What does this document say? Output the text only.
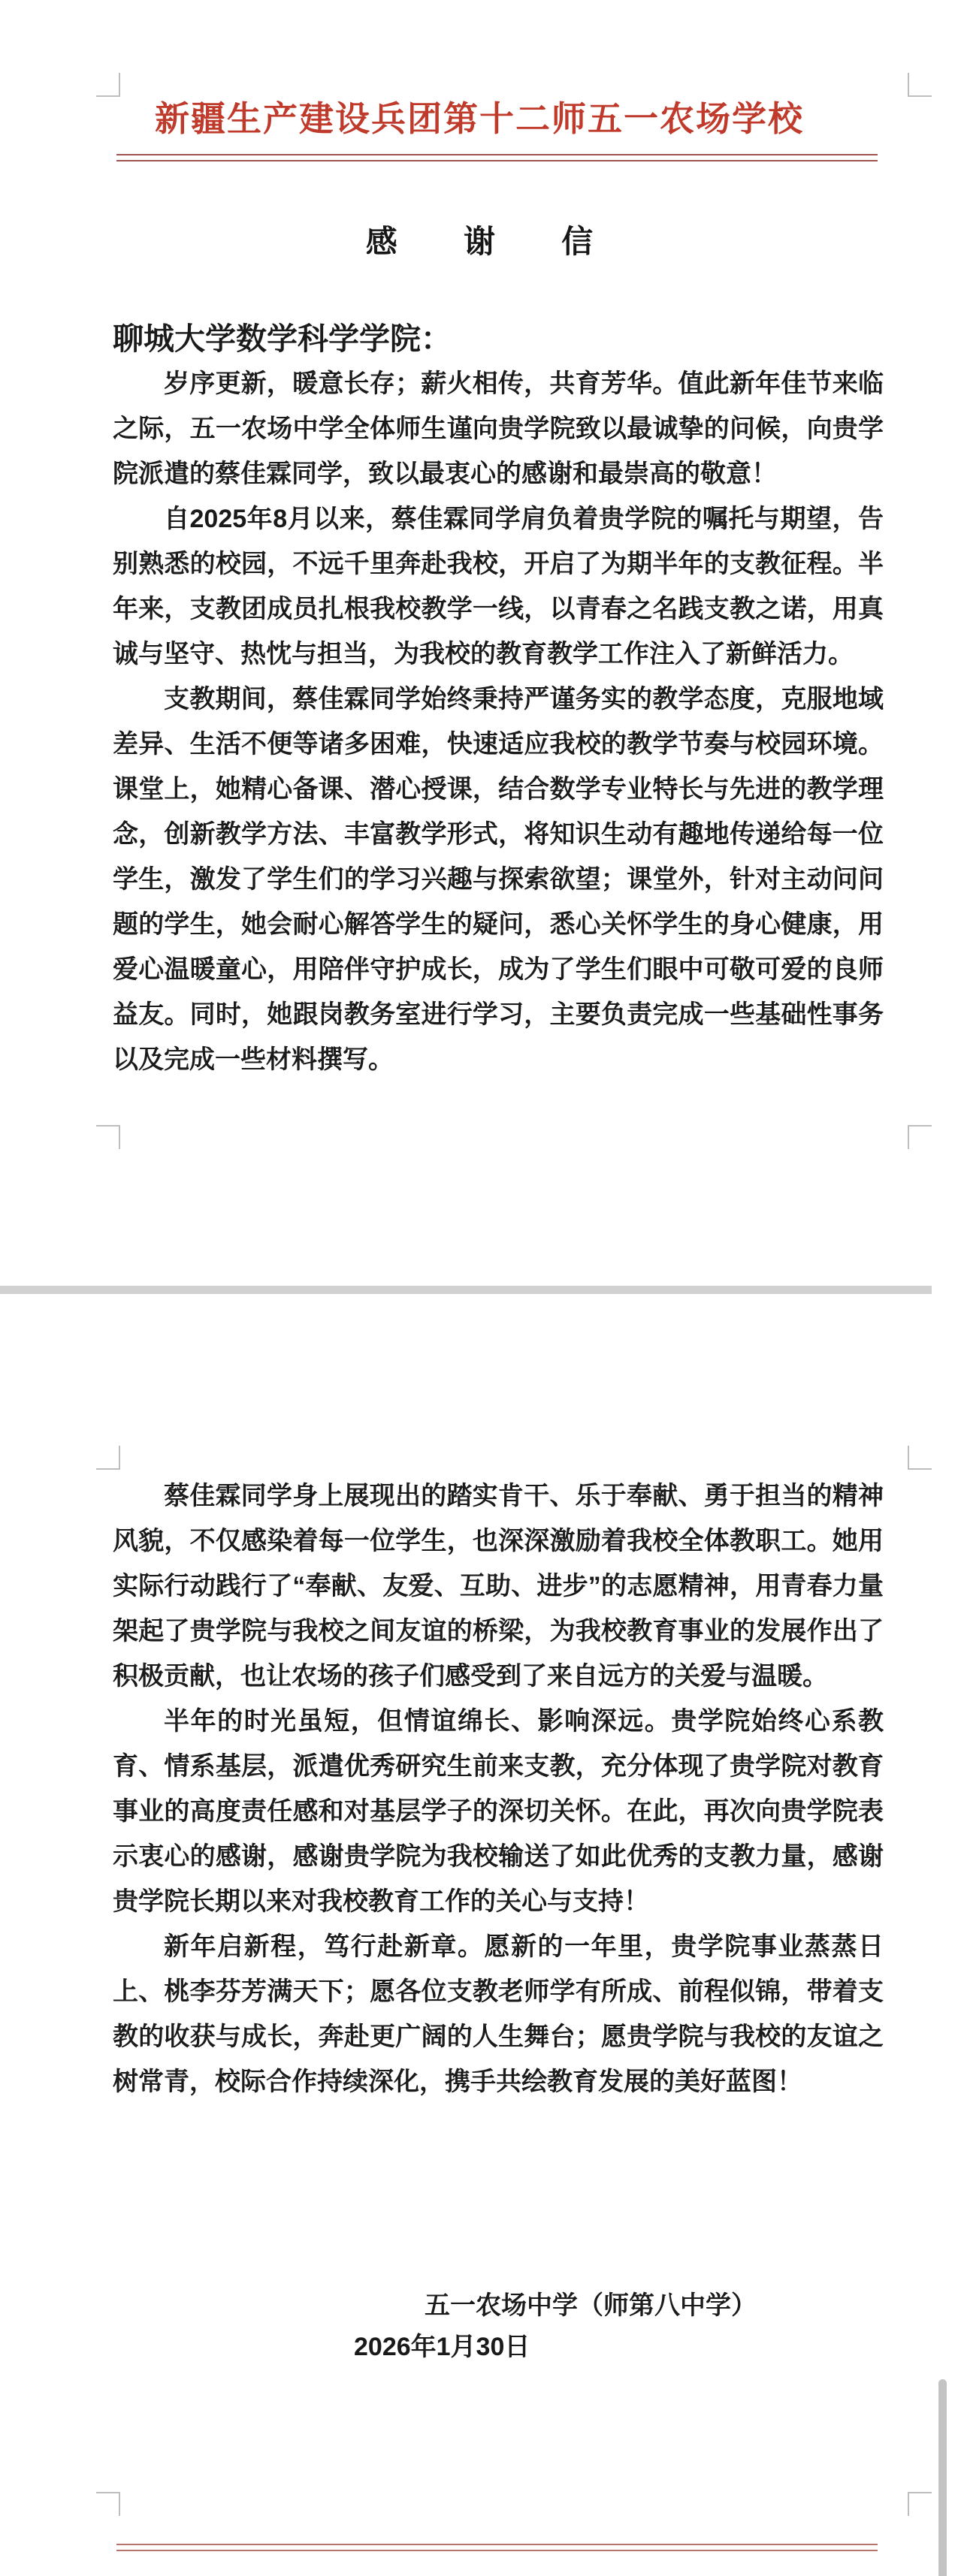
新疆生产建设兵团第十二师五一农场学校
感　谢　信
聊城大学数学科学学院：
岁序更新，暖意长存；薪火相传，共育芳华。值此新年佳节来临
之际，五一农场中学全体师生谨向贵学院致以最诚挚的问候，向贵学
院派遣的蔡佳霖同学，致以最衷心的感谢和最崇高的敬意！
自2025年8月以来，蔡佳霖同学肩负着贵学院的嘱托与期望，告
别熟悉的校园，不远千里奔赴我校，开启了为期半年的支教征程。半
年来，支教团成员扎根我校教学一线，以青春之名践支教之诺，用真
诚与坚守、热忱与担当，为我校的教育教学工作注入了新鲜活力。
支教期间，蔡佳霖同学始终秉持严谨务实的教学态度，克服地域
差异、生活不便等诸多困难，快速适应我校的教学节奏与校园环境。
课堂上，她精心备课、潜心授课，结合数学专业特长与先进的教学理
念，创新教学方法、丰富教学形式，将知识生动有趣地传递给每一位
学生，激发了学生们的学习兴趣与探索欲望；课堂外，针对主动问问
题的学生，她会耐心解答学生的疑问，悉心关怀学生的身心健康，用
爱心温暖童心，用陪伴守护成长，成为了学生们眼中可敬可爱的良师
益友。同时，她跟岗教务室进行学习，主要负责完成一些基础性事务
以及完成一些材料撰写。
蔡佳霖同学身上展现出的踏实肯干、乐于奉献、勇于担当的精神
风貌，不仅感染着每一位学生，也深深激励着我校全体教职工。她用
实际行动践行了“奉献、友爱、互助、进步”的志愿精神，用青春力量
架起了贵学院与我校之间友谊的桥梁，为我校教育事业的发展作出了
积极贡献，也让农场的孩子们感受到了来自远方的关爱与温暖。
半年的时光虽短，但情谊绵长、影响深远。贵学院始终心系教
育、情系基层，派遣优秀研究生前来支教，充分体现了贵学院对教育
事业的高度责任感和对基层学子的深切关怀。在此，再次向贵学院表
示衷心的感谢，感谢贵学院为我校输送了如此优秀的支教力量，感谢
贵学院长期以来对我校教育工作的关心与支持！
新年启新程，笃行赴新章。愿新的一年里，贵学院事业蒸蒸日
上、桃李芬芳满天下；愿各位支教老师学有所成、前程似锦，带着支
教的收获与成长，奔赴更广阔的人生舞台；愿贵学院与我校的友谊之
树常青，校际合作持续深化，携手共绘教育发展的美好蓝图！
五一农场中学（师第八中学）
2026年1月30日
